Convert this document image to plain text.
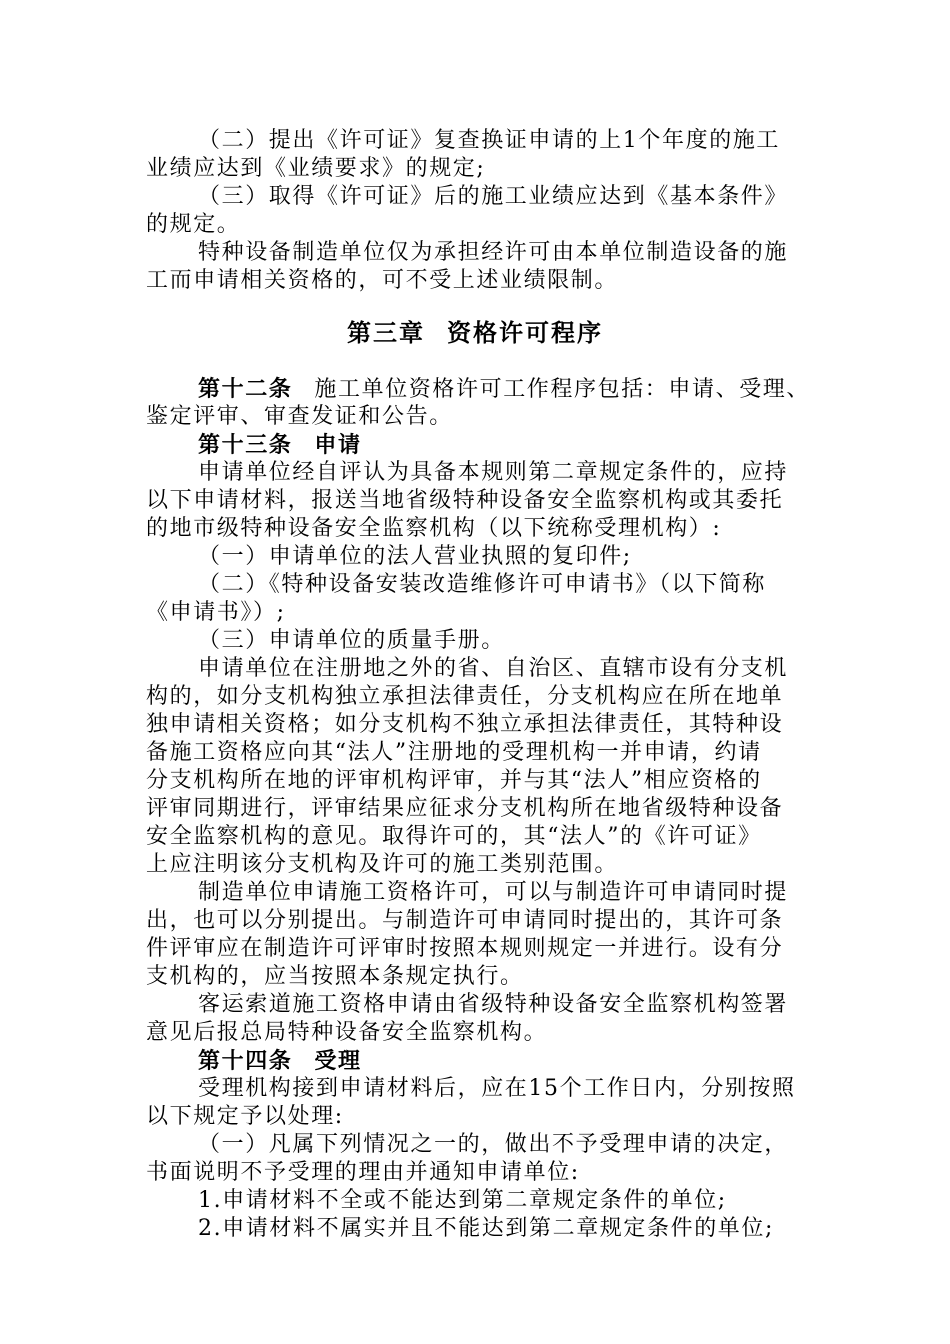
（二）提出《许可证》复查换证申请的上1个年度的施工
业绩应达到《业绩要求》的规定;
（三）取得《许可证》后的施工业绩应达到《基本条件》
的规定。
特种设备制造单位仅为承担经许可由本单位制造设备的施
工而申请相关资格的，可不受上述业绩限制。
第三章 资格许可程序
第十二条 施工单位资格许可工作程序包括：申请、受理、
鉴定评审、审查发证和公告。
第十三条 申请
申请单位经自评认为具备本规则第二章规定条件的，应持
以下申请材料，报送当地省级特种设备安全监察机构或其委托
的地市级特种设备安全监察机构（以下统称受理机构）:
（一）申请单位的法人营业执照的复印件;
（二）《特种设备安装改造维修许可申请书》（以下简称
《申请书》）;
（三）申请单位的质量手册。
申请单位在注册地之外的省、自治区、直辖市设有分支机
构的，如分支机构独立承担法律责任，分支机构应在所在地单
独申请相关资格；如分支机构不独立承担法律责任，其特种设
备施工资格应向其“法人”注册地的受理机构一并申请，约请
分支机构所在地的评审机构评审，并与其“法人”相应资格的
评审同期进行，评审结果应征求分支机构所在地省级特种设备
安全监察机构的意见。取得许可的，其“法人”的《许可证》
上应注明该分支机构及许可的施工类别范围。
制造单位申请施工资格许可，可以与制造许可申请同时提
出，也可以分别提出。与制造许可申请同时提出的，其许可条
件评审应在制造许可评审时按照本规则规定一并进行。设有分
支机构的，应当按照本条规定执行。
客运索道施工资格申请由省级特种设备安全监察机构签署
意见后报总局特种设备安全监察机构。
第十四条 受理
受理机构接到申请材料后，应在15个工作日内，分别按照
以下规定予以处理:
（一）凡属下列情况之一的，做出不予受理申请的决定，
书面说明不予受理的理由并通知申请单位:
1.申请材料不全或不能达到第二章规定条件的单位;
2.申请材料不属实并且不能达到第二章规定条件的单位;
